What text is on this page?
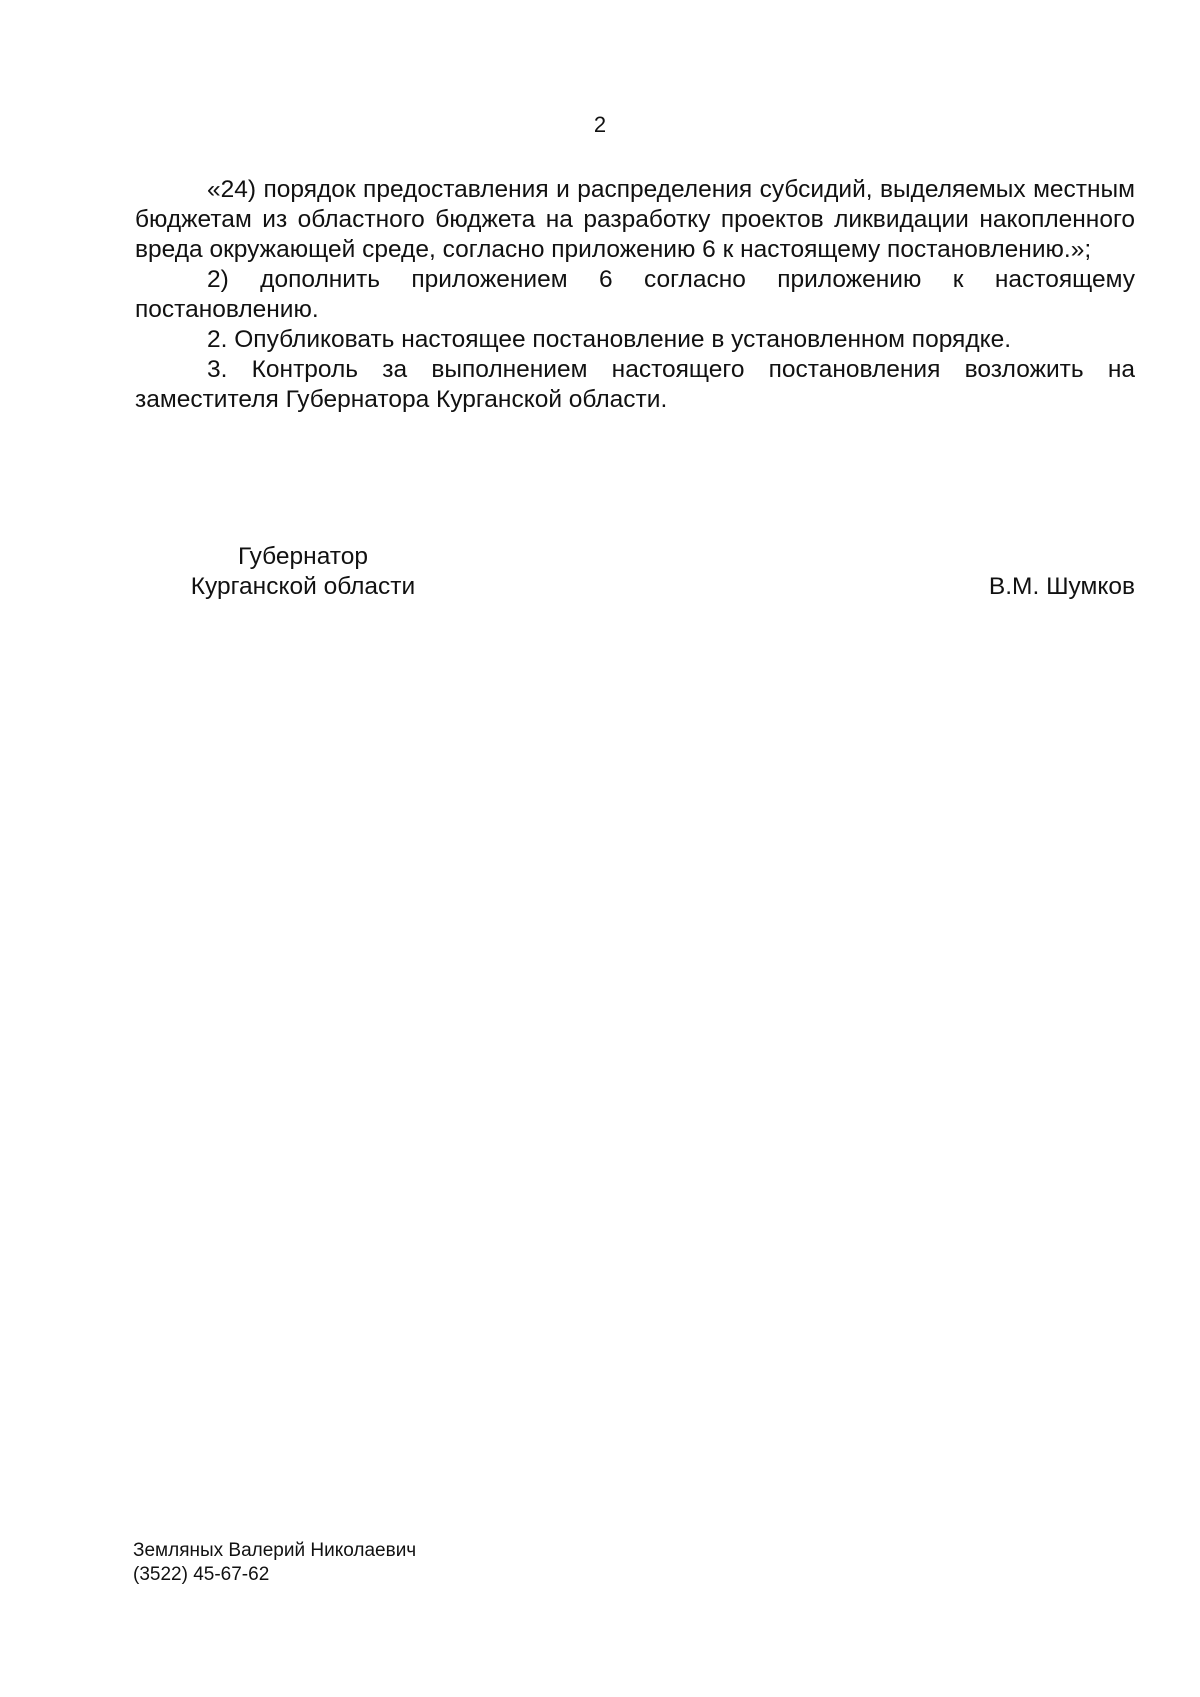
2

«24) порядок предоставления и распределения субсидий, выделяемых местным бюджетам из областного бюджета на разработку проектов ликвидации накопленного вреда окружающей среде, согласно приложению 6 к настоящему постановлению.»;

2) дополнить приложением 6 согласно приложению к настоящему постановлению.

2. Опубликовать настоящее постановление в установленном порядке.

3. Контроль за выполнением настоящего постановления возложить на заместителя Губернатора Курганской области.

Губернатор
Курганской области	В.М. Шумков
Земляных Валерий Николаевич
(3522) 45-67-62
